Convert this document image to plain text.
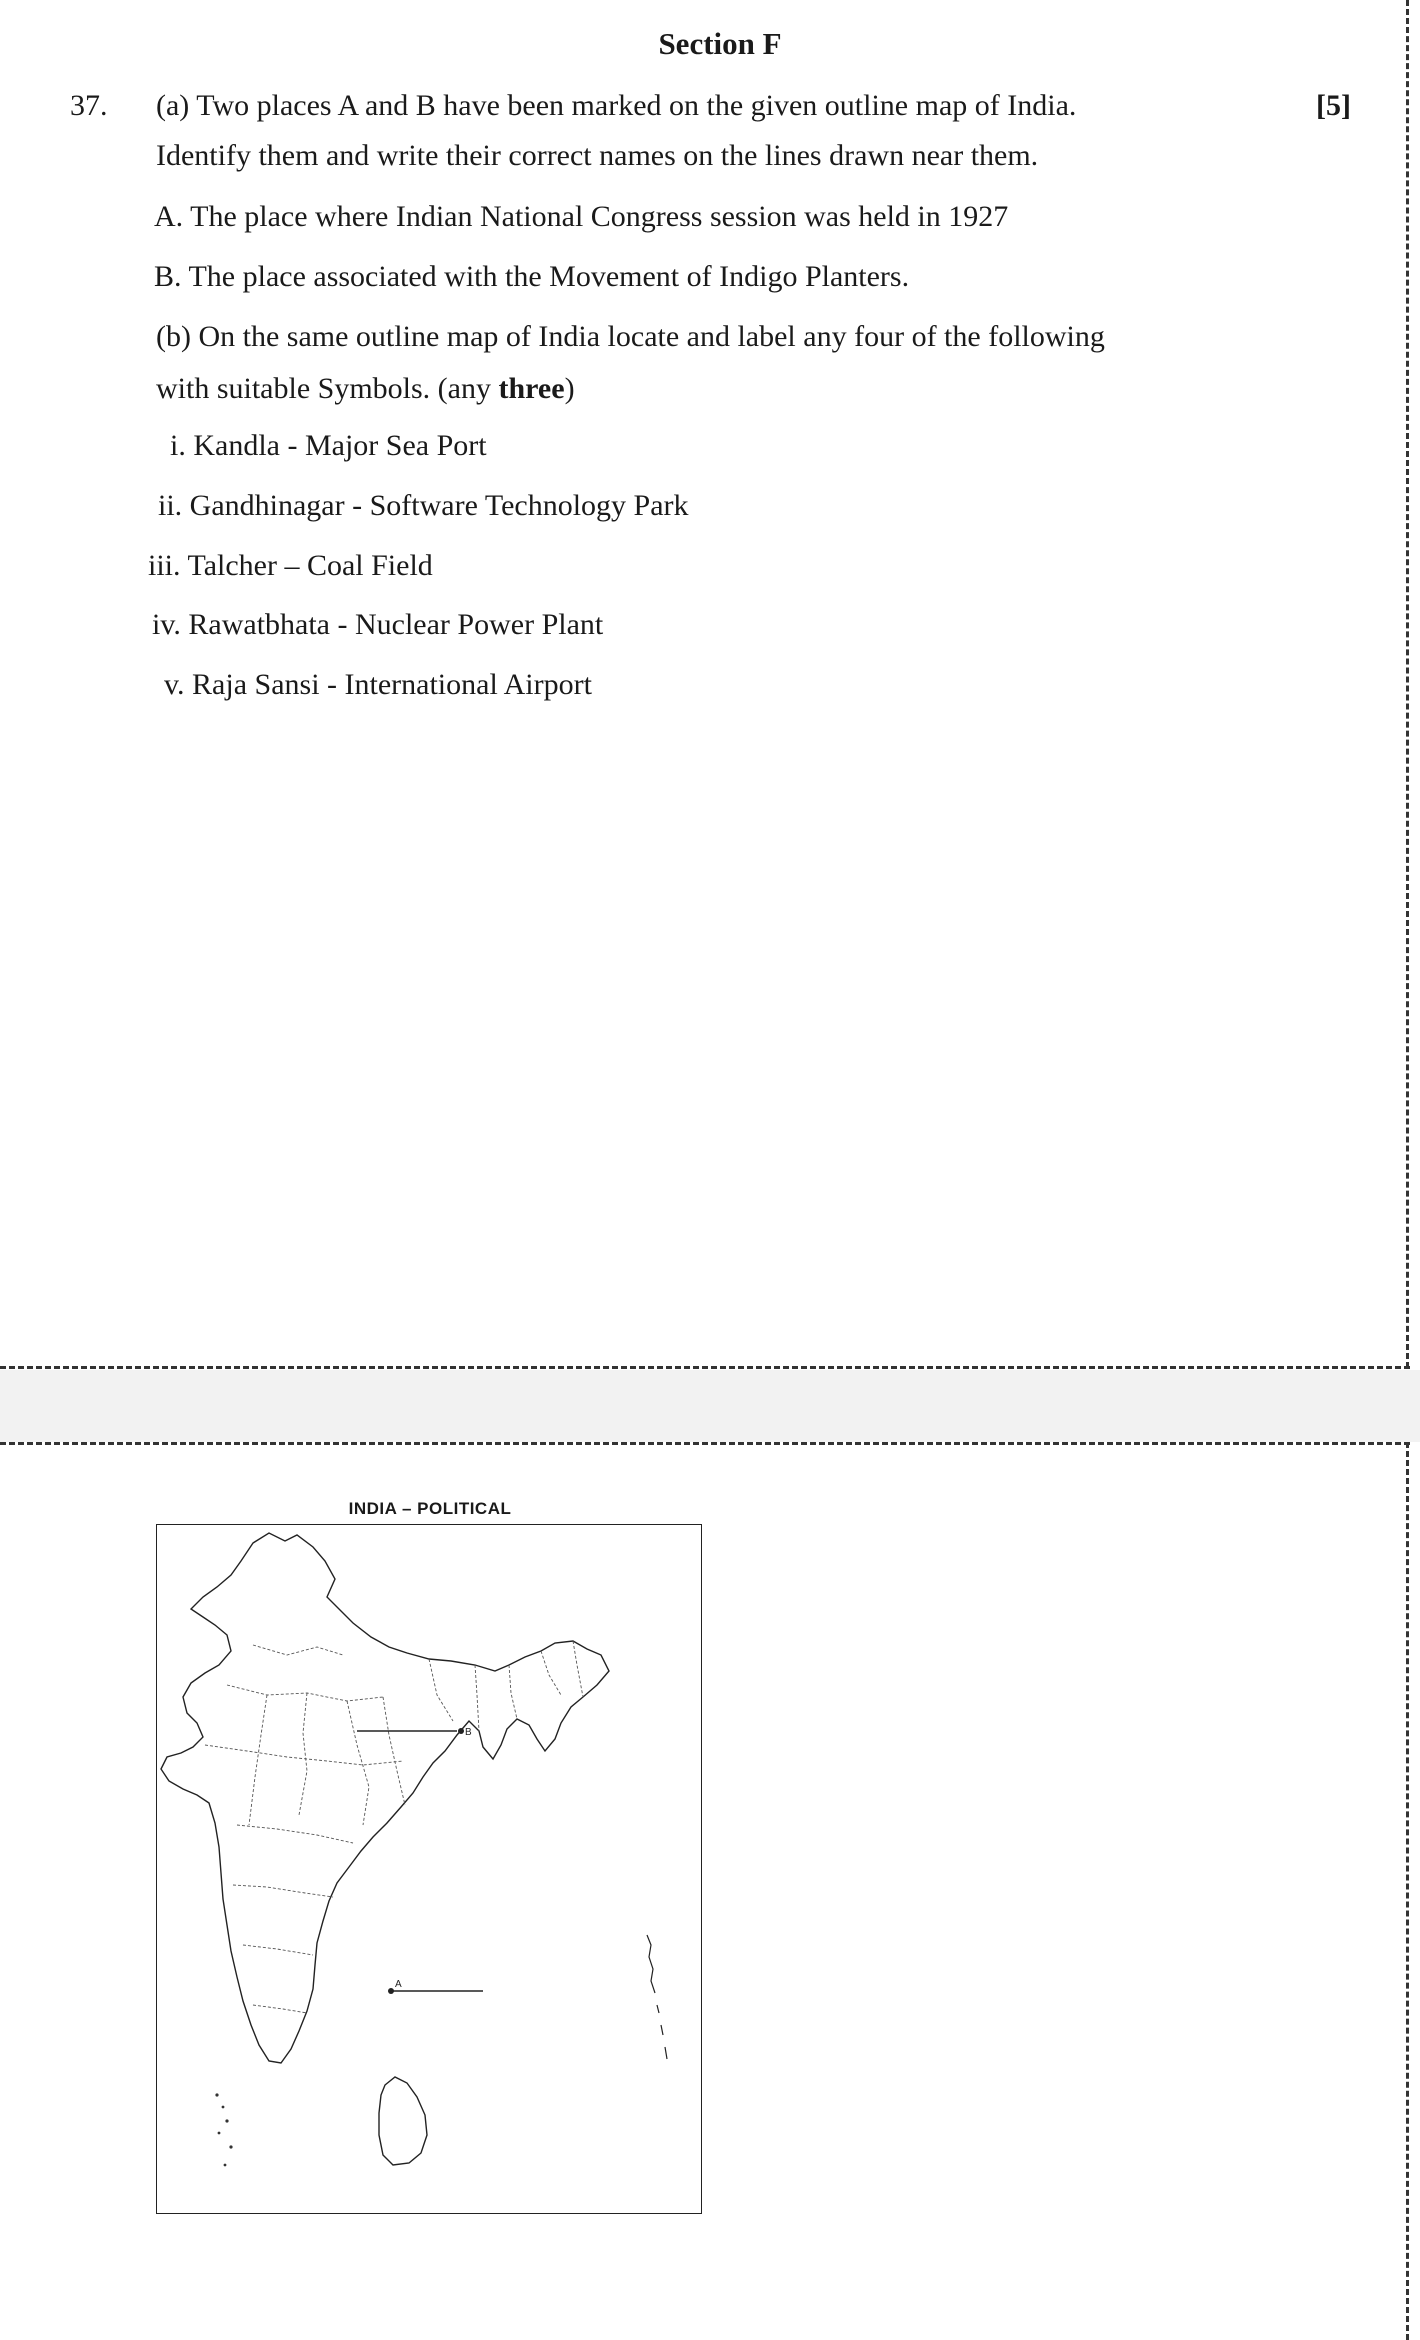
Section F
37. (a) Two places A and B have been marked on the given outline map of India.	[5]
Identify them and write their correct names on the lines drawn near them.
A. The place where Indian National Congress session was held in 1927
B. The place associated with the Movement of Indigo Planters.
(b) On the same outline map of India locate and label any four of the following
with suitable Symbols. (any three)
i. Kandla - Major Sea Port
ii. Gandhinagar - Software Technology Park
iii. Talcher – Coal Field
iv. Rawatbhata - Nuclear Power Plant
v. Raja Sansi - International Airport
INDIA – POLITICAL
B
A
